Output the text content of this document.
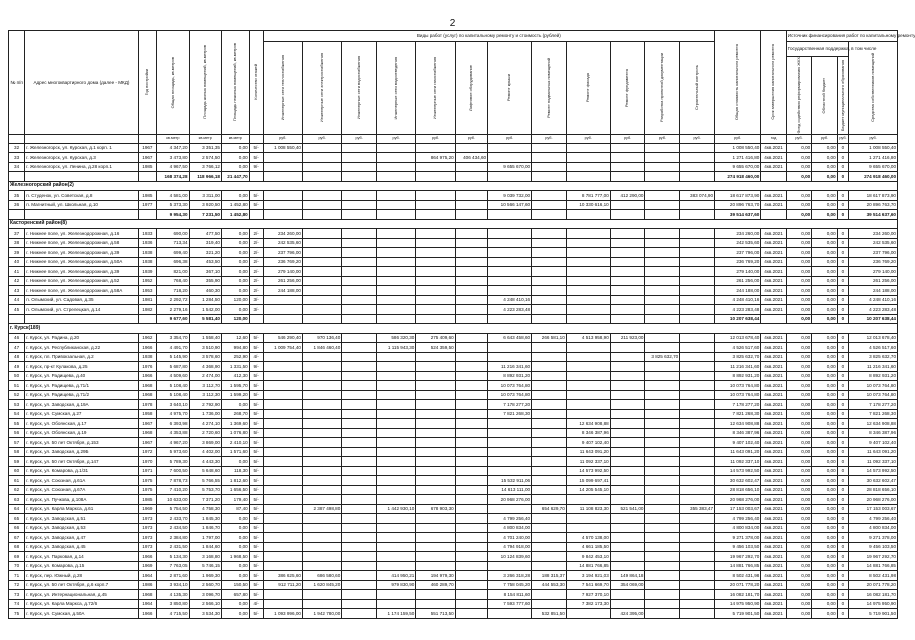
2
№ п/п	Адрес многоквартирного дома (далее - МКД)	Год постройки	Общая площадь, кв.метров	Площадь жилых помещений, кв.метров	Площадь нежилых помещений, кв.метров	Количество этажей	Виды работ (услуг) по капитальному ремонту и стоимость (рублей)												Общая стоимость капитального ремонта	Срок завершения капитального ремонта	Источник финансирования работ по капитальному ремонту			

							Инженерные сети теплоснабжения	Инженерные сети электроснабжения	Инженерные сети водоснабжения	Инженерные сети водоотведения	Инженерные сети газоснабжения	Лифтовое оборудование	Ремонт крыши	Ремонт подвальных помещений	Ремонт фасада	Ремонт фундамента	Разработка проектной документации	Строительный контроль			Государственная поддержка, в том числе			Средства собственников помещений

																					Фонд содействия реформированию ЖКХ	Областной бюджет	Бюджет муниципального образования	

			кв.метр	кв.метр	кв.метр		руб.	руб.	руб.	руб.	руб.	руб.	руб.	руб.	руб.	руб.	руб.	руб.	руб.	год	руб.	руб.	руб.	руб.
32	г. Железногорск, ул. Курская, д.1 корп. 1	1967	4 347,20	3 351,35	0,00	5/-	1 008 550,40												1 008 550,40	4кв.2021	0,00	0,00	0	1 008 550,40
33	г. Железногорск, ул. Курская, д.3	1967	3 473,80	2 574,50	0,00	5/-					864 975,20	406 434,60							1 271 416,80	4кв.2021	0,00	0,00	0	1 271 416,80
34	г. Железногорск, ул. Ленина, д.28 корп.1	1985	4 967,50	3 766,12	0,00	9/-							9 655 670,00						9 655 670,00	4кв.2021	0,00	0,00	0	9 655 670,00
			168 374,28	118 966,18	21 447,70														274 918 460,00		0,00	0,00	0	274 918 460,00
Железногорский район(2)																								
35	п. Студенок, ул. Советская, д.8	1985	4 581,00	3 311,00	0,00	5/-							9 039 732,00		8 781 777,00	412 290,00		383 074,90	18 617 873,90	4кв.2021	0,00	0,00	0	18 617 873,90
36	п. Магнитный, ул. Школьная, д.10	1977	5 373,30	3 920,50	1 452,80	5/-							10 566 147,60		10 330 616,10				20 896 763,70	4кв.2021	0,00	0,00	0	20 896 763,70
			9 954,30	7 231,50	1 452,80														39 514 637,60		0,00	0,00	0	39 514 637,60
Касторенский район(8)																								
37	г. Нижнее поле, ул. Железнодорожная, д.16	1933	690,00	477,50	0,00	2/-	234 260,00												234 260,00	4кв.2021	0,00	0,00	0	234 260,00
38	г. Нижнее поле, ул. Железнодорожная, д.58	1936	713,34	319,40	0,00	2/-	242 535,60												242 535,60	4кв.2021	0,00	0,00	0	242 535,60
39	г. Нижнее поле, ул. Железнодорожная, д.39	1938	699,40	321,20	0,00	2/-	237 796,00												237 796,00	4кв.2021	0,00	0,00	0	237 796,00
40	г. Нижнее поле, ул. Железнодорожная, д.50А	1938	696,38	453,50	0,00	2/-	236 769,20												236 769,20	4кв.2021	0,00	0,00	0	236 769,20
41	г. Нижнее поле, ул. Железнодорожная, д.39	1939	821,00	367,10	0,00	2/-	279 140,00												279 140,00	4кв.2021	0,00	0,00	0	279 140,00
42	г. Нижнее поле, ул. Железнодорожная, д.52	1952	768,40	355,90	0,00	2/-	261 256,00												261 256,00	4кв.2021	0,00	0,00	0	261 256,00
43	г. Нижнее поле, ул. Железнодорожная, д.58А	1953	718,20	460,30	0,00	2/-	244 188,00												244 188,00	4кв.2021	0,00	0,00	0	244 188,00
44	п. Олымский, ул. Садовая, д.35	1981	2 292,72	1 284,50	120,00	3/-							4 248 410,16						4 248 410,16	4кв.2021	0,00	0,00	0	4 248 410,16
45	п. Олымский, ул. Стрелецкая, д.14	1982	2 279,16	1 542,00	0,00	3/-							4 223 283,48						4 223 283,48	4кв.2021	0,00	0,00	0	4 223 283,48
			9 677,60	5 581,40	120,00														10 207 638,44		0,00	0,00	0	10 207 638,44
г. Курск(189)																								
46	г. Курск, ул. Радина, д.20	1962	3 354,70	1 558,40	12,60	5/-	546 290,40	970 136,40		586 320,30	275 409,60		6 643 458,60	266 581,10	4 513 958,90	211 923,00			12 013 678,40	4кв.2021	0,00	0,00	0	12 013 678,40
47	г. Курск, ул. Республиканская, д.22	1966	4 491,70	3 510,90	994,80	5/-	1 009 754,40	1 846 460,40		1 115 943,30	524 359,50								4 526 517,60	4кв.2021	0,00	0,00	0	4 526 517,60
48	г. Курск, пл. Привокзальная, д.2	1938	5 145,90	3 578,60	252,90	4/-											3 825 632,70		3 825 632,70	4кв.2021	0,00	0,00	0	3 825 632,70
49	г. Курск, пр-кт Кулакова, д.25	1976	5 687,80	4 368,90	1 331,50	9/-							11 216 341,60						11 216 341,60	4кв.2021	0,00	0,00	0	11 216 341,60
50	г. Курск, ул. Радищева, д.40	1966	4 509,60	2 474,00	412,30	5/-							8 892 931,20						8 892 931,20	4кв.2021	0,00	0,00	0	8 892 931,20
51	г. Курск, ул. Радищева, д.71/1	1968	5 108,40	3 112,70	1 595,70	5/-							10 073 764,80						10 073 764,80	4кв.2021	0,00	0,00	0	10 073 764,80
52	г. Курск, ул. Радищева, д.71/2	1968	5 108,40	3 112,30	1 599,20	5/-							10 073 764,80						10 073 764,80	4кв.2021	0,00	0,00	0	10 073 764,80
53	г. Курск, ул. Заводская, д.19А	1978	3 640,10	2 792,90	0,00	5/-							7 178 277,20						7 178 277,20	4кв.2021	0,00	0,00	0	7 178 277,20
54	г. Курск, ул. Сумская, д.27	1958	4 975,70	1 736,00	268,70	5/-							7 821 268,30						7 821 268,30	4кв.2021	0,00	0,00	0	7 821 268,30
55	г. Курск, ул. Обоянская, д.17	1967	6 393,98	4 274,10	1 369,60	5/-									12 634 908,88				12 634 908,88	4кв.2021	0,00	0,00	0	12 634 908,88
56	г. Курск, ул. Обоянская, д.19	1968	4 353,88	2 720,60	1 076,80	5/-									8 346 387,96				8 346 387,96	4кв.2021	0,00	0,00	0	8 346 387,96
57	г. Курск, ул. 50 лет Октября, д.153	1967	4 967,20	3 869,00	2 410,10	5/-									9 407 102,40				9 407 102,40	4кв.2021	0,00	0,00	0	9 407 102,40
58	г. Курск, ул. Заводская, д.29Б	1972	5 973,60	4 402,00	1 571,60	5/-									11 643 091,20				11 643 091,20	4кв.2021	0,00	0,00	0	11 643 091,20
59	г. Курск, ул. 50 лет Октября, д.147	1970	5 789,30	4 443,30	0,00	5/-									11 092 337,10				11 092 337,10	4кв.2021	0,00	0,00	0	11 092 337,10
60	г. Курск, ул. Комарова, д.1/31	1971	7 600,50	5 648,60	118,30	5/-									14 573 992,50				14 573 992,50	4кв.2021	0,00	0,00	0	14 573 992,50
61	г. Курск, ул. Союзная, д.61А	1975	7 878,73	5 766,55	1 812,60	5/-							15 532 911,06		15 099 697,41				30 632 602,47	4кв.2021	0,00	0,00	0	30 632 602,47
62	г. Курск, ул. Союзная, д.67А	1975	7 410,20	5 753,70	1 656,50	5/-							14 613 111,00		14 205 545,10				28 818 656,10	4кв.2021	0,00	0,00	0	28 818 656,10
63	г. Курск, ул. Пучкова, д.108А	1985	10 633,00	7 371,20	179,40	5/-							20 968 276,00						20 968 276,00	4кв.2021	0,00	0,00	0	20 968 276,00
64	г. Курск, ул. Карла Маркса, д.61	1969	5 754,50	4 758,30	87,40	5/-		2 387 498,80		1 442 930,10	678 903,30			654 629,70	11 108 823,30	521 541,00		355 383,47	17 153 003,67	4кв.2021	0,00	0,00	0	17 153 003,67
65	г. Курск, ул. Заводская, д.51	1973	2 433,70	1 845,30	0,00	5/-							4 799 256,40						4 799 256,40	4кв.2021	0,00	0,00	0	4 799 256,40
66	г. Курск, ул. Заводская, д.53	1973	2 434,50	1 846,70	0,00	5/-							4 800 834,00						4 800 834,00	4кв.2021	0,00	0,00	0	4 800 834,00
67	г. Курск, ул. Заводская, д.47	1973	2 384,80	1 797,00	0,00	5/-							4 701 240,00		4 570 138,00				9 271 378,00	4кв.2021	0,00	0,00	0	9 271 378,00
68	г. Курск, ул. Заводская, д.45	1973	2 431,50	1 844,60	0,00	5/-							4 794 918,00		4 661 185,50				9 456 103,50	4кв.2021	0,00	0,00	0	9 456 103,50
69	г. Курск, ул. Парковая, д.14	1966	5 134,30	3 168,80	1 968,50	5/-							10 124 839,60		9 842 453,10				19 967 292,70	4кв.2021	0,00	0,00	0	19 967 292,70
70	г. Курск, ул. Комарова, д.15	1969	7 763,05	5 746,15	0,00	5/-									14 881 766,85				14 881 766,85	4кв.2021	0,00	0,00	0	14 881 766,85
71	г. Курск, пер. Южный, д.28	1964	2 871,60	1 969,30	0,00	5/-	386 625,60	686 580,60		414 950,21	194 979,30		3 266 318,28	188 315,37	3 194 921,03	149 864,18			8 502 431,98	4кв.2021	0,00	0,00	0	8 502 431,98
72	г. Курск, ул. 50 лет Октября, д.6 корп.7	1986	3 934,10	2 560,70	150,50	5/-	912 711,20	1 620 845,20		979 830,90	460 289,70		7 758 045,20	444 553,30	7 541 669,70	354 069,00			20 071 778,20	4кв.2021	0,00	0,00	0	20 071 778,20
73	г. Курск, ул. Интернациональная, д.45	1968	4 135,30	3 096,70	657,80	5/-							8 154 811,60		7 927 370,10				16 082 181,70	4кв.2021	0,00	0,00	0	16 082 181,70
74	г. Курск, ул. Карла Маркса, д.72/6	1964	3 850,80	2 566,10	0,00	4/-							7 593 777,60		7 382 173,30				14 975 950,90	4кв.2021	0,00	0,00	0	14 975 950,90
75	г. Курск, ул. Сумская, д.50А	1966	4 715,50	3 534,30	0,00	5/-	1 093 996,00	1 942 780,00		1 174 159,50	551 713,50			532 851,50		424 395,00			5 719 901,50	4кв.2021	0,00	0,00	0	5 719 901,50
